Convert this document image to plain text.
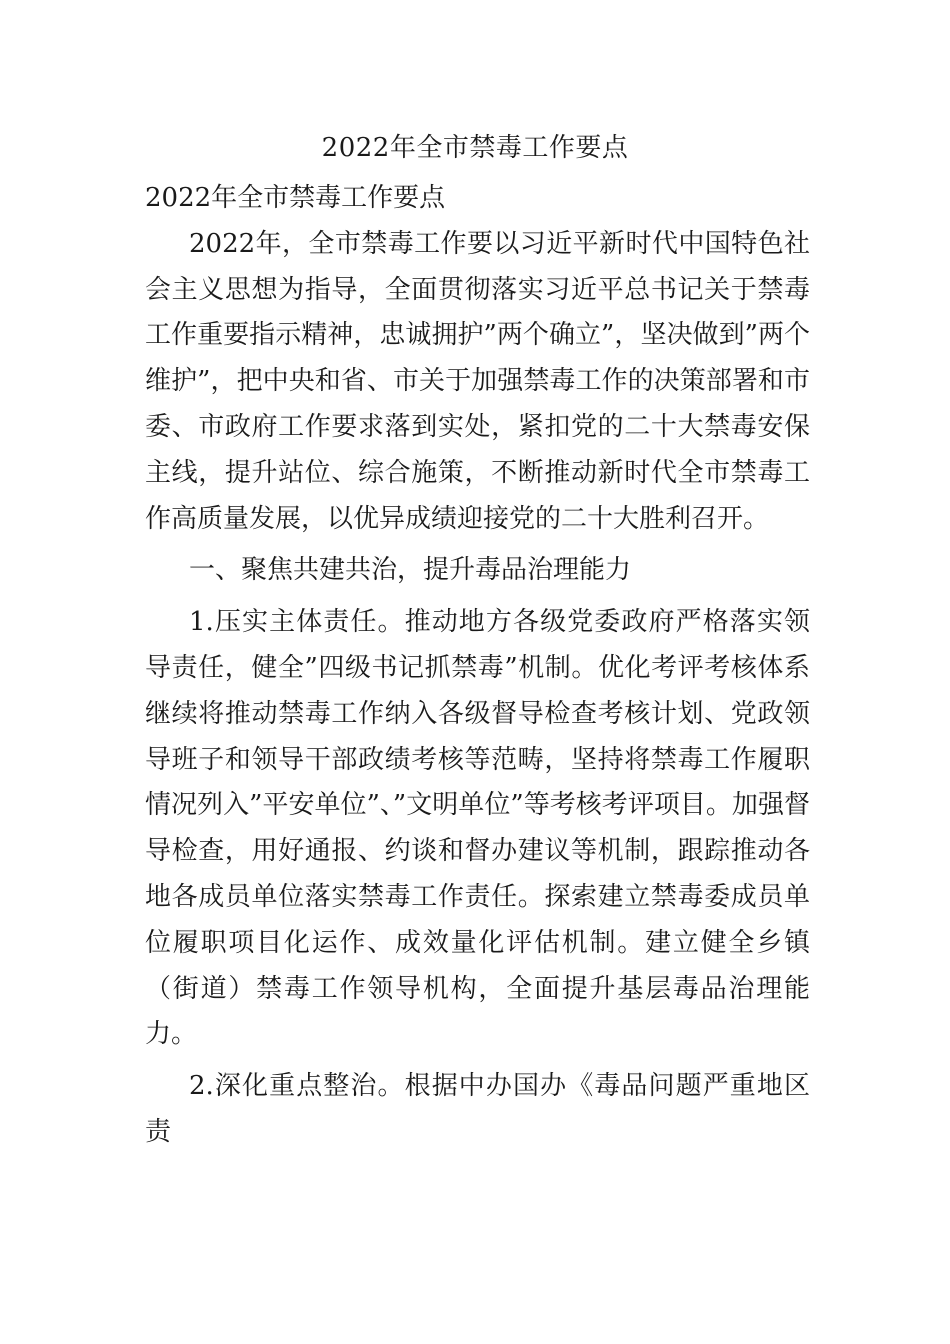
2022年全市禁毒工作要点

2022年全市禁毒工作要点

2022年，全市禁毒工作要以习近平新时代中国特色社会主义思想为指导，全面贯彻落实习近平总书记关于禁毒工作重要指示精神，忠诚拥护”两个确立”，坚决做到”两个维护”，把中央和省、市关于加强禁毒工作的决策部署和市委、市政府工作要求落到实处，紧扣党的二十大禁毒安保主线，提升站位、综合施策，不断推动新时代全市禁毒工作高质量发展，以优异成绩迎接党的二十大胜利召开。

一、聚焦共建共治，提升毒品治理能力

1.压实主体责任。推动地方各级党委政府严格落实领导责任，健全”四级书记抓禁毒”机制。优化考评考核体系继续将推动禁毒工作纳入各级督导检查考核计划、党政领导班子和领导干部政绩考核等范畴，坚持将禁毒工作履职情况列入”平安单位”、”文明单位”等考核考评项目。加强督导检查，用好通报、约谈和督办建议等机制，跟踪推动各地各成员单位落实禁毒工作责任。探索建立禁毒委成员单位履职项目化运作、成效量化评估机制。建立健全乡镇（街道）禁毒工作领导机构，全面提升基层毒品治理能力。

2.深化重点整治。根据中办国办《毒品问题严重地区责
